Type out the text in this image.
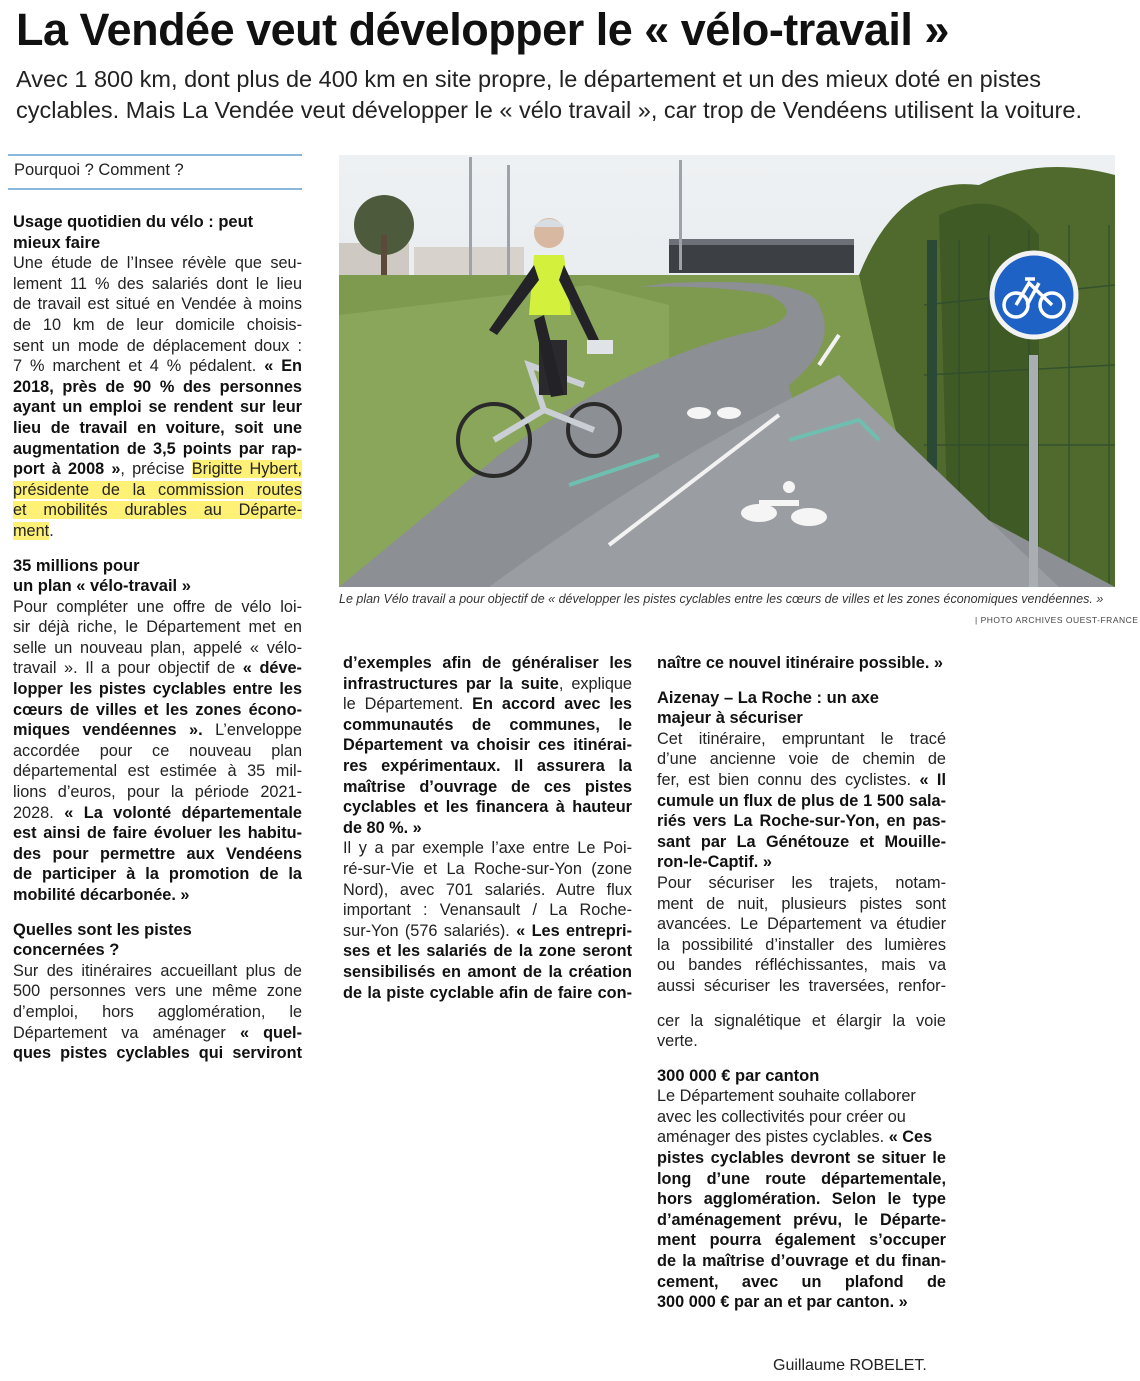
La Vendée veut développer le « vélo-travail »
Avec 1 800 km, dont plus de 400 km en site propre, le département et un des mieux doté en pistes
cyclables. Mais La Vendée veut développer le « vélo travail », car trop de Vendéens utilisent la voiture.
Pourquoi ? Comment ?
Usage quotidien du vélo : peut
mieux faire
Une étude de l’Insee révèle que seu-
lement 11 % des salariés dont le lieu
de travail est situé en Vendée à moins
de 10 km de leur domicile choisis-
sent un mode de déplacement doux :
7 % marchent et 4 % pédalent. « En
2018, près de 90 % des personnes
ayant un emploi se rendent sur leur
lieu de travail en voiture, soit une
augmentation de 3,5 points par rap-
port à 2008 », précise Brigitte Hybert,
présidente de la commission routes
et mobilités durables au Départe-
ment.
35 millions pour
un plan « vélo-travail »
Pour compléter une offre de vélo loi-
sir déjà riche, le Département met en
selle un nouveau plan, appelé « vélo-
travail ». Il a pour objectif de « déve-
lopper les pistes cyclables entre les
cœurs de villes et les zones écono-
miques vendéennes ». L’enveloppe
accordée pour ce nouveau plan
départemental est estimée à 35 mil-
lions d’euros, pour la période 2021-
2028. « La volonté départementale
est ainsi de faire évoluer les habitu-
des pour permettre aux Vendéens
de participer à la promotion de la
mobilité décarbonée. »
Quelles sont les pistes
concernées ?
Sur des itinéraires accueillant plus de
500 personnes vers une même zone
d’emploi, hors agglomération, le
Département va aménager « quel-
ques pistes cyclables qui serviront
d’exemples afin de généraliser les
infrastructures par la suite, explique
le Département. En accord avec les
communautés de communes, le
Département va choisir ces itinérai-
res expérimentaux. Il assurera la
maîtrise d’ouvrage de ces pistes
cyclables et les financera à hauteur
de 80 %. »
Il y a par exemple l’axe entre Le Poi-
ré-sur-Vie et La Roche-sur-Yon (zone
Nord), avec 701 salariés. Autre flux
important : Venansault / La Roche-
sur-Yon (576 salariés). « Les entrepri-
ses et les salariés de la zone seront
sensibilisés en amont de la création
de la piste cyclable afin de faire con-
naître ce nouvel itinéraire possible. »
Aizenay – La Roche : un axe
majeur à sécuriser
Cet itinéraire, empruntant le tracé
d’une ancienne voie de chemin de
fer, est bien connu des cyclistes. « Il
cumule un flux de plus de 1 500 sala-
riés vers La Roche-sur-Yon, en pas-
sant par La Génétouze et Mouille-
ron-le-Captif. »
Pour sécuriser les trajets, notam-
ment de nuit, plusieurs pistes sont
avancées. Le Département va étudier
la possibilité d’installer des lumières
ou bandes réfléchissantes, mais va
aussi sécuriser les traversées, renfor-
cer la signalétique et élargir la voie
verte.
300 000 € par canton
Le Département souhaite collaborer
avec les collectivités pour créer ou
aménager des pistes cyclables. « Ces
pistes cyclables devront se situer le
long d’une route départementale,
hors agglomération. Selon le type
d’aménagement prévu, le Départe-
ment pourra également s’occuper
de la maîtrise d’ouvrage et du finan-
cement, avec un plafond de
300 000 € par an et par canton. »
Le plan Vélo travail a pour objectif de « développer les pistes cyclables entre les cœurs de villes et les zones économiques vendéennes. »
| PHOTO ARCHIVES OUEST-FRANCE
Guillaume ROBELET.
